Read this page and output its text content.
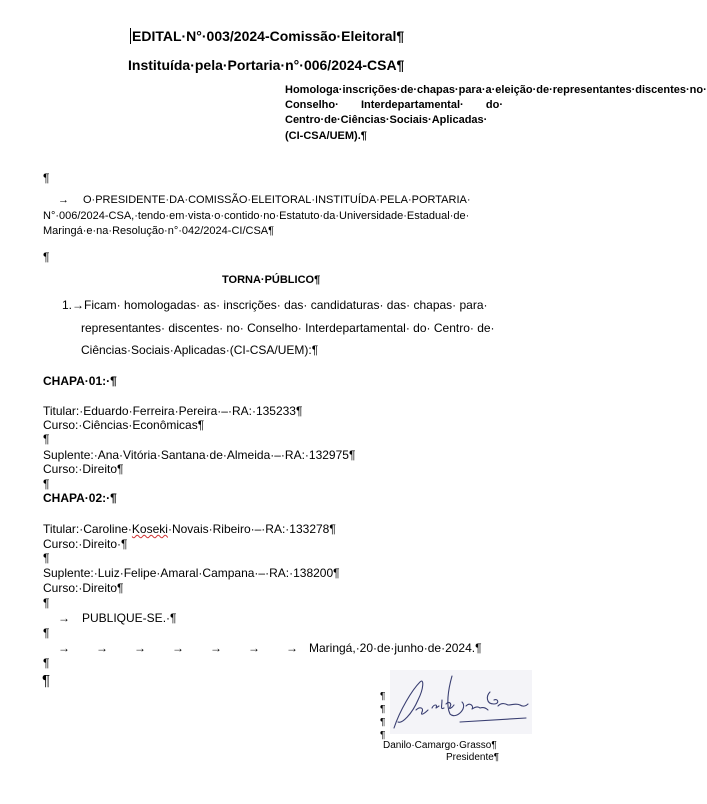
EDITAL·N°·003/2024-Comissão·Eleitoral¶
Instituída·pela·Portaria·n°·006/2024-CSA¶
Homologa·inscrições·de·chapas·para·a·eleição·de·representantes·discentes·no· Conselho· Interdepartamental· do· Centro·de·Ciências·Sociais·Aplicadas· (CI-CSA/UEM).¶
¶
→ O·PRESIDENTE·DA·COMISSÃO·ELEITORAL·INSTITUÍDA·PELA·PORTARIA·
N°·006/2024-CSA,·tendo·em·vista·o·contido·no·Estatuto·da·Universidade·Estadual·de·
Maringá·e·na·Resolução·n°·042/2024-CI/CSA¶
¶
TORNA·PÚBLICO¶
1.→Ficam· homologadas· as· inscrições· das· candidaturas· das· chapas· para·
representantes· discentes· no· Conselho· Interdepartamental· do· Centro· de·
Ciências·Sociais·Aplicadas·(CI-CSA/UEM):¶
CHAPA·01:·¶
Titular:·Eduardo·Ferreira·Pereira·–·RA:·135233¶
Curso:·Ciências·Econômicas¶
¶
Suplente:·Ana·Vitória·Santana·de·Almeida·–·RA:·132975¶
Curso:·Direito¶
¶
CHAPA·02:·¶
Titular:·Caroline·Koseki·Novais·Ribeiro·–·RA:·133278¶
Curso:·Direito·¶
¶
Suplente:·Luiz·Felipe·Amaral·Campana·–·RA:·138200¶
Curso:·Direito¶
¶
→ PUBLIQUE-SE.·¶
¶
→ → → → → → → Maringá,·20·de·junho·de·2024.¶
¶
¶
¶
¶
¶
¶
Danilo·Camargo·Grasso¶
Presidente¶
